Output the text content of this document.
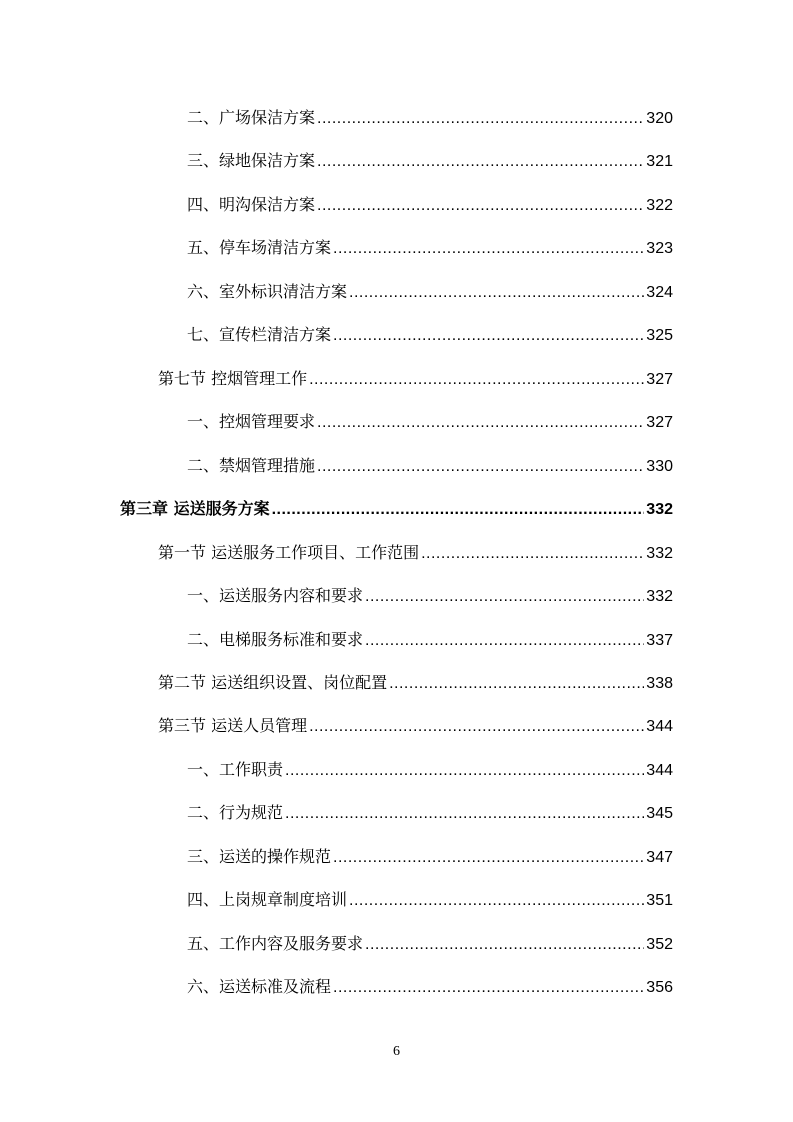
二、广场保洁方案 .....	320
三、绿地保洁方案 .....	321
四、明沟保洁方案 .....	322
五、停车场清洁方案 .....	323
六、室外标识清洁方案 .....	324
七、宣传栏清洁方案 .....	325
第七节 控烟管理工作 .....	327
一、控烟管理要求 .....	327
二、禁烟管理措施 .....	330
第三章 运送服务方案 .....	332
第一节 运送服务工作项目、工作范围 .....	332
一、运送服务内容和要求 .....	332
二、电梯服务标准和要求 .....	337
第二节 运送组织设置、岗位配置 .....	338
第三节 运送人员管理 .....	344
一、工作职责 .....	344
二、行为规范 .....	345
三、运送的操作规范 .....	347
四、上岗规章制度培训 .....	351
五、工作内容及服务要求 .....	352
六、运送标准及流程 .....	356
6
